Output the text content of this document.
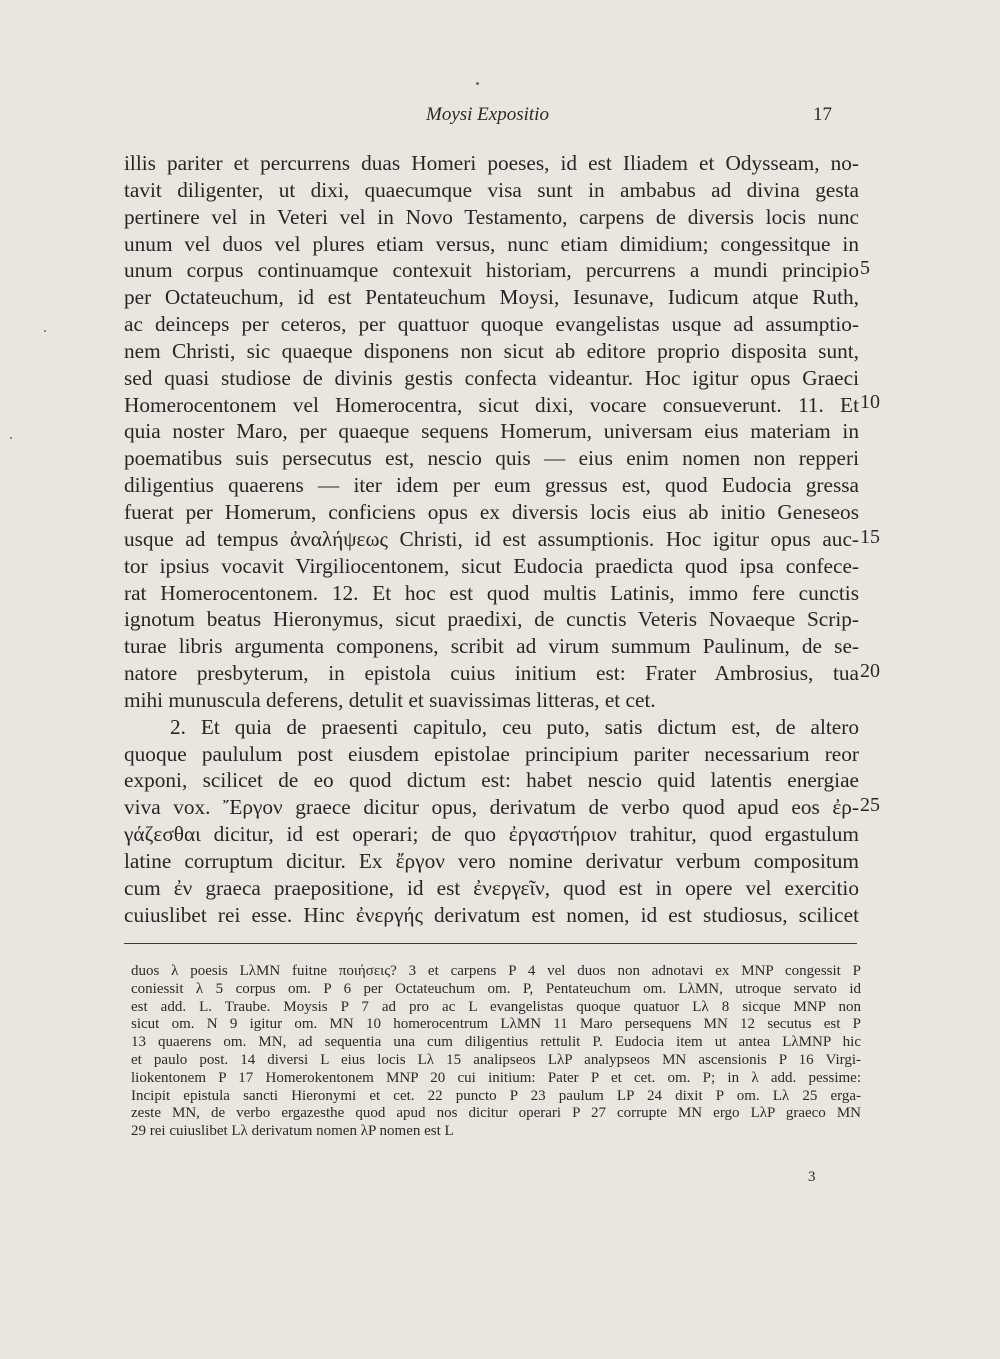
Moysi Expositio	17
illis pariter et percurrens duas Homeri poeses, id est Iliadem et Odysseam, no-
tavit diligenter, ut dixi, quaecumque visa sunt in ambabus ad divina gesta
pertinere vel in Veteri vel in Novo Testamento, carpens de diversis locis nunc
unum vel duos vel plures etiam versus, nunc etiam dimidium; congessitque in
unum corpus continuamque contexuit historiam, percurrens a mundi principio
per Octateuchum, id est Pentateuchum Moysi, Iesunave, Iudicum atque Ruth,
ac deinceps per ceteros, per quattuor quoque evangelistas usque ad assumptio-
nem Christi, sic quaeque disponens non sicut ab editore proprio disposita sunt,
sed quasi studiose de divinis gestis confecta videantur. Hoc igitur opus Graeci
Homerocentonem vel Homerocentra, sicut dixi, vocare consueverunt. 11. Et
quia noster Maro, per quaeque sequens Homerum, universam eius materiam in
poematibus suis persecutus est, nescio quis — eius enim nomen non repperi
diligentius quaerens — iter idem per eum gressus est, quod Eudocia gressa
fuerat per Homerum, conficiens opus ex diversis locis eius ab initio Geneseos
usque ad tempus ἀναλήψεως Christi, id est assumptionis. Hoc igitur opus auc-
tor ipsius vocavit Virgiliocentonem, sicut Eudocia praedicta quod ipsa confece-
rat Homerocentonem. 12. Et hoc est quod multis Latinis, immo fere cunctis
ignotum beatus Hieronymus, sicut praedixi, de cunctis Veteris Novaeque Scrip-
turae libris argumenta componens, scribit ad virum summum Paulinum, de se-
natore presbyterum, in epistola cuius initium est: Frater Ambrosius, tua
mihi munuscula deferens, detulit et suavissimas litteras, et cet.
2. Et quia de praesenti capitulo, ceu puto, satis dictum est, de altero
quoque paululum post eiusdem epistolae principium pariter necessarium reor
exponi, scilicet de eo quod dictum est: habet nescio quid latentis energiae
viva vox. Ἔργον graece dicitur opus, derivatum de verbo quod apud eos ἐρ-
γάζεσθαι dicitur, id est operari; de quo ἐργαστήριον trahitur, quod ergastulum
latine corruptum dicitur. Ex ἔργον vero nomine derivatur verbum compositum
cum ἐν graeca praepositione, id est ἐνεργεῖν, quod est in opere vel exercitio
cuiuslibet rei esse. Hinc ἐνεργής derivatum est nomen, id est studiosus, scilicet
5
10
15
20
25
duos λ poesis LλMN fuitne ποιήσεις? 3 et carpens P 4 vel duos non adnotavi ex MNP congessit P
coniessit λ 5 corpus om. P 6 per Octateuchum om. P, Pentateuchum om. LλMN, utroque servato id
est add. L. Traube. Moysis P 7 ad pro ac L evangelistas quoque quatuor Lλ 8 sicque MNP non
sicut om. N 9 igitur om. MN 10 homerocentrum LλMN 11 Maro persequens MN 12 secutus est P
13 quaerens om. MN, ad sequentia una cum diligentius rettulit P. Eudocia item ut antea LλMNP hic
et paulo post. 14 diversi L eius locis Lλ 15 analipseos LλP analypseos MN ascensionis P 16 Virgi-
liokentonem P 17 Homerokentonem MNP 20 cui initium: Pater P et cet. om. P; in λ add. pessime:
Incipit epistula sancti Hieronymi et cet. 22 puncto P 23 paulum LP 24 dixit P om. Lλ 25 erga-
zeste MN, de verbo ergazesthe quod apud nos dicitur operari P 27 corrupte MN ergo LλP graeco MN
29 rei cuiuslibet Lλ derivatum nomen λP nomen est L
3
